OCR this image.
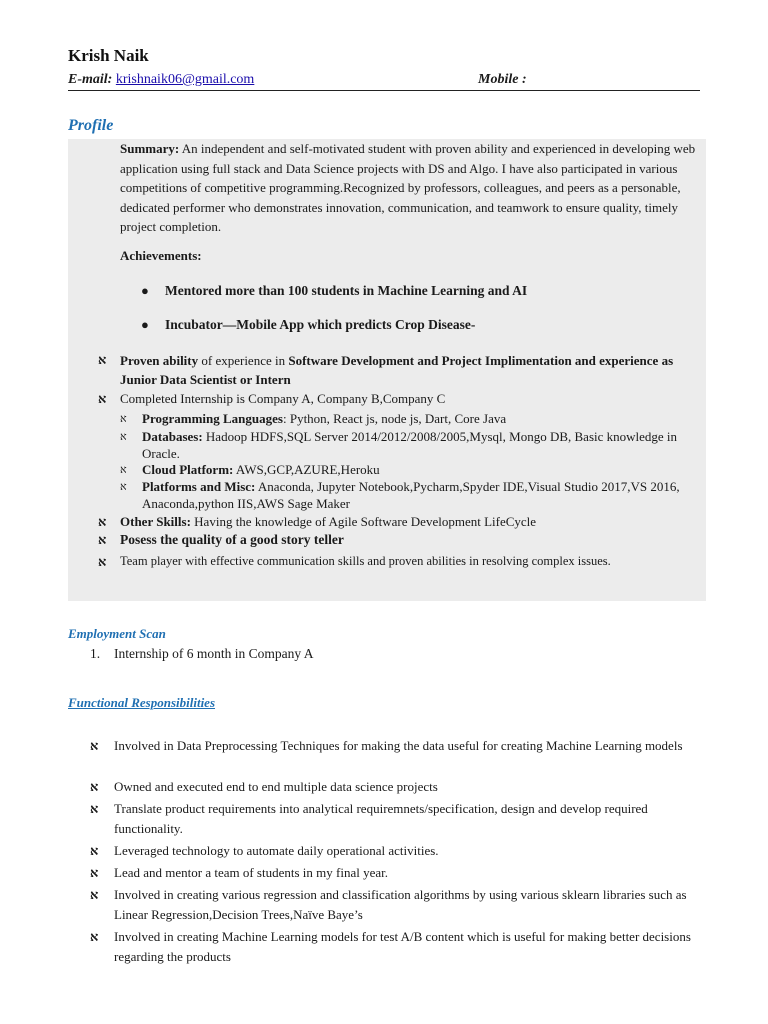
Krish Naik
E-mail: krishnaik06@gmail.com	Mobile :
Profile
Summary: An independent and self-motivated student with proven ability and experienced in developing web application using full stack and Data Science projects with DS and Algo. I have also participated in various competitions of competitive programming.Recognized by professors, colleagues, and peers as a personable, dedicated performer who demonstrates innovation, communication, and teamwork to ensure quality, timely project completion.
Achievements:
● Mentored more than 100 students in Machine Learning and AI
● Incubator—Mobile App which predicts Crop Disease-
א Proven ability of experience in Software Development and Project Implimentation and experience as Junior Data Scientist or Intern
א Completed Internship is Company A, Company B,Company C
א Programming Languages: Python, React js, node js, Dart, Core Java
א Databases: Hadoop HDFS,SQL Server 2014/2012/2008/2005,Mysql, Mongo DB, Basic knowledge in Oracle.
א Cloud Platform: AWS,GCP,AZURE,Heroku
א Platforms and Misc: Anaconda, Jupyter Notebook,Pycharm,Spyder IDE,Visual Studio 2017,VS 2016, Anaconda,python IIS,AWS Sage Maker
א Other Skills: Having the knowledge of Agile Software Development LifeCycle
א Posess the quality of a good story teller
א Team player with effective communication skills and proven abilities in resolving complex issues.
Employment Scan
1. Internship of 6 month in Company A
Functional Responsibilities
א Involved in Data Preprocessing Techniques for making the data useful for creating Machine Learning models
א Owned and executed end to end multiple data science projects
א Translate product requirements into analytical requiremnets/specification, design and develop required functionality.
א Leveraged technology to automate daily operational activities.
א Lead and mentor a team of students in my final year.
א Involved in creating various regression and classification algorithms by using various sklearn libraries such as Linear Regression,Decision Trees,Naïve Baye’s
א Involved in creating Machine Learning models for test A/B content which is useful for making better decisions regarding the products
